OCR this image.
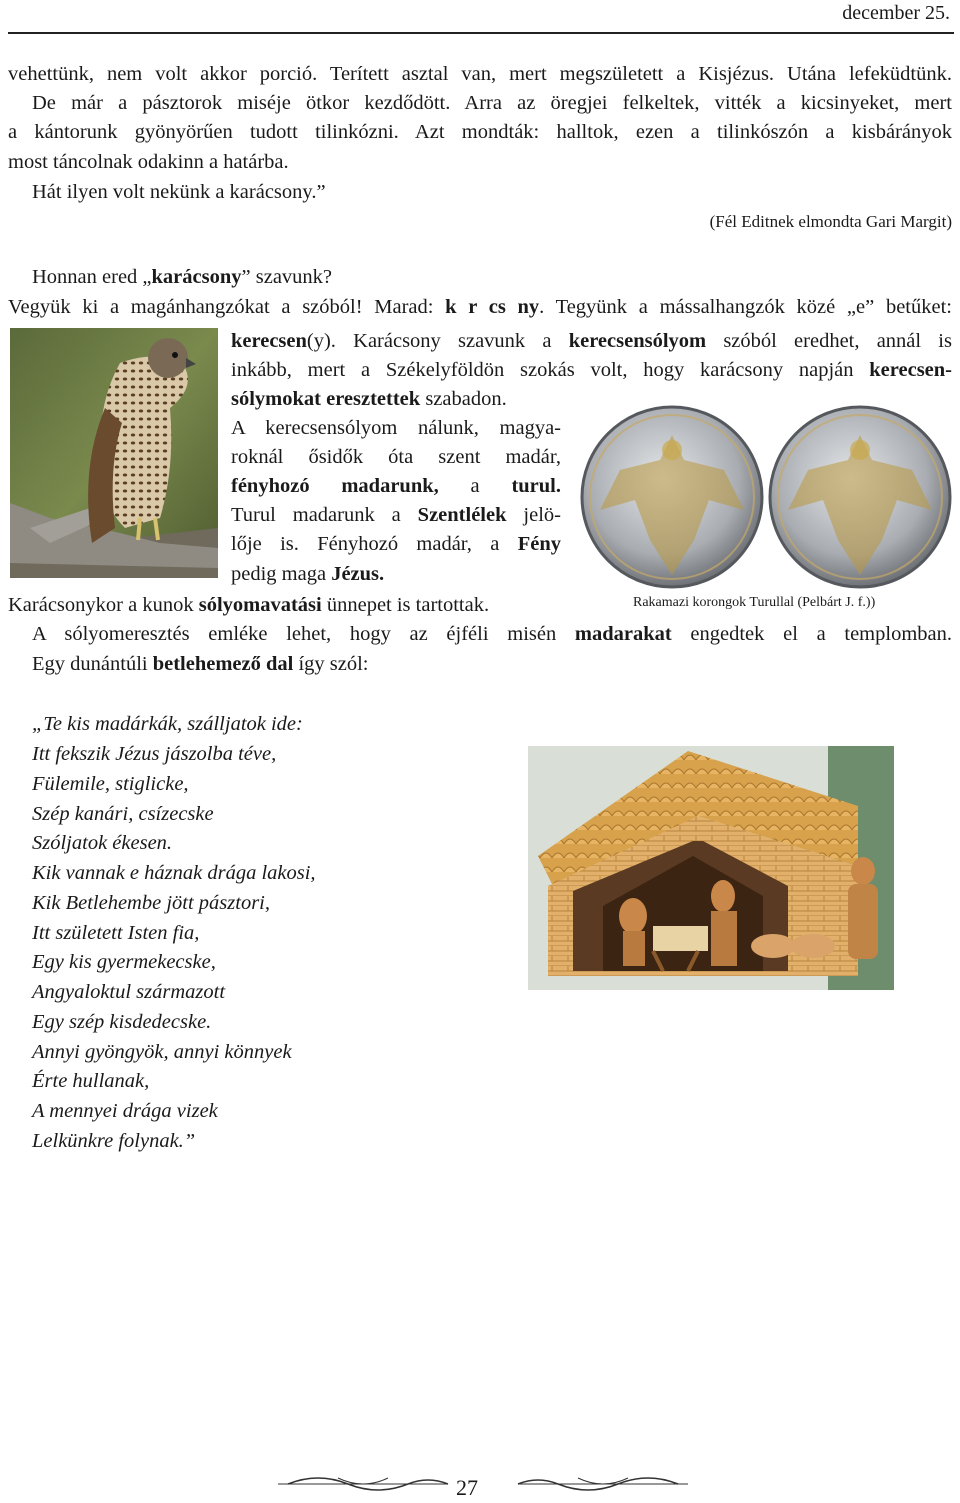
december 25.
vehettünk, nem volt akkor porció. Terített asztal van, mert megszületett a Kisjézus. Utána lefeküdtünk.
De már a pásztorok miséje ötkor kezdődött. Arra az öregjei felkeltek, vitték a kicsinyeket, mert
a kántorunk gyönyörűen tudott tilinkózni. Azt mondták: halltok, ezen a tilinkószón a kisbárányok
most táncolnak odakinn a határba.
Hát ilyen volt nekünk a karácsony.”
(Fél Editnek elmondta Gari Margit)
Honnan ered „karácsony” szavunk?
Vegyük ki a magánhangzókat a szóból! Marad: k r cs ny. Tegyünk a mássalhangzók közé „e” betűket:
kerecsen(y). Karácsony szavunk a kerecsensólyom szóból eredhet, annál is
inkább, mert a Székelyföldön szokás volt, hogy karácsony napján kerecsen-
sólymokat eresztettek szabadon.
A kerecsensólyom nálunk, magya-
roknál ősidők óta szent madár,
fényhozó madarunk, a turul.
Turul madarunk a Szentlélek jelö-
lője is. Fényhozó madár, a Fény
pedig maga Jézus.
Karácsonykor a kunok sólyomavatási ünnepet is tartottak.	Rakamazi korongok Turullal (Pelbárt J. f.))
A sólyomeresztés emléke lehet, hogy az éjféli misén madarakat engedtek el a templomban.
Egy dunántúli betlehemező dal így szól:
„Te kis madárkák, szálljatok ide:
Itt fekszik Jézus jászolba téve,
Fülemile, stiglicke,
Szép kanári, csízecske
Szóljatok ékesen.
Kik vannak e háznak drága lakosi,
Kik Betlehembe jött pásztori,
Itt született Isten fia,
Egy kis gyermekecske,
Angyaloktul származott
Egy szép kisdedecske.
Annyi gyöngyök, annyi könnyek
Érte hullanak,
A mennyei drága vizek
Lelkünkre folynak.”
27
